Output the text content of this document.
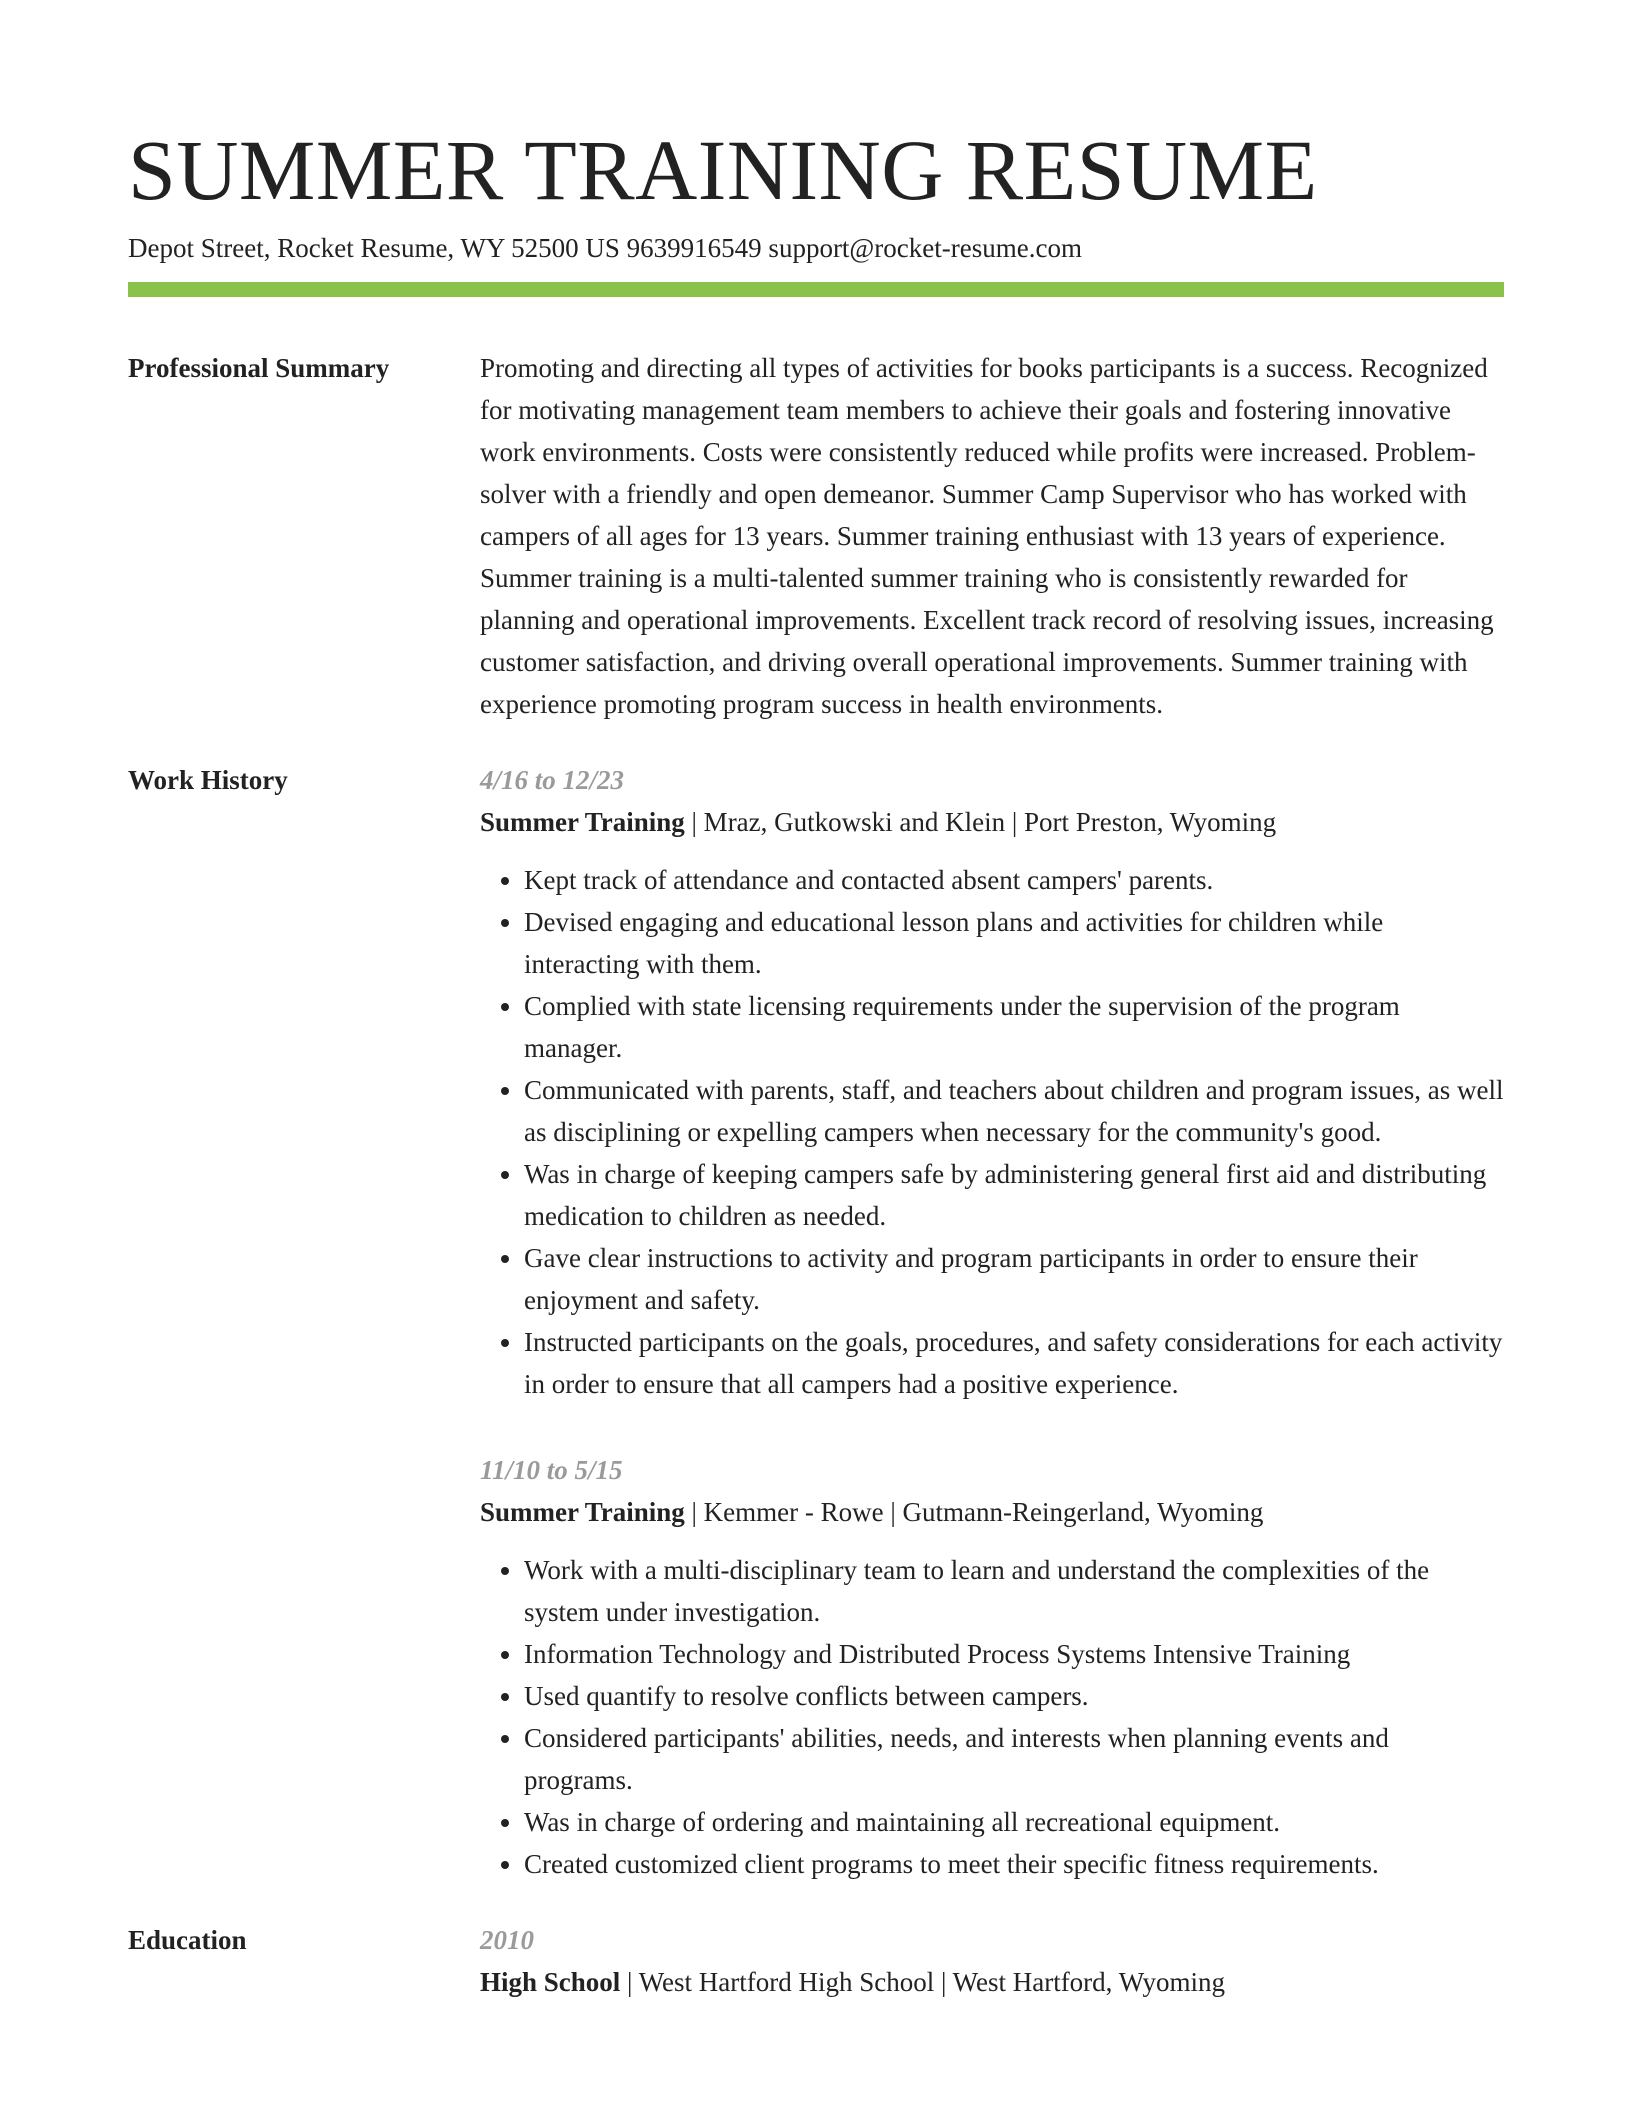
SUMMER TRAINING RESUME
Depot Street, Rocket Resume, WY 52500 US 9639916549 support@rocket-resume.com
Professional Summary	Promoting and directing all types of activities for books participants is a success. Recognized for motivating management team members to achieve their goals and fostering innovative work environments. Costs were consistently reduced while profits were increased. Problem-solver with a friendly and open demeanor. Summer Camp Supervisor who has worked with campers of all ages for 13 years. Summer training enthusiast with 13 years of experience. Summer training is a multi-talented summer training who is consistently rewarded for planning and operational improvements. Excellent track record of resolving issues, increasing customer satisfaction, and driving overall operational improvements. Summer training with experience promoting program success in health environments.

Work History	4/16 to 12/23
Summer Training | Mraz, Gutkowski and Klein | Port Preston, Wyoming
• Kept track of attendance and contacted absent campers' parents.
• Devised engaging and educational lesson plans and activities for children while interacting with them.
• Complied with state licensing requirements under the supervision of the program manager.
• Communicated with parents, staff, and teachers about children and program issues, as well as disciplining or expelling campers when necessary for the community's good.
• Was in charge of keeping campers safe by administering general first aid and distributing medication to children as needed.
• Gave clear instructions to activity and program participants in order to ensure their enjoyment and safety.
• Instructed participants on the goals, procedures, and safety considerations for each activity in order to ensure that all campers had a positive experience.
11/10 to 5/15
Summer Training | Kemmer - Rowe | Gutmann-Reingerland, Wyoming
• Work with a multi-disciplinary team to learn and understand the complexities of the system under investigation.
• Information Technology and Distributed Process Systems Intensive Training
• Used quantify to resolve conflicts between campers.
• Considered participants' abilities, needs, and interests when planning events and programs.
• Was in charge of ordering and maintaining all recreational equipment.
• Created customized client programs to meet their specific fitness requirements.
Education	2010
High School | West Hartford High School | West Hartford, Wyoming
